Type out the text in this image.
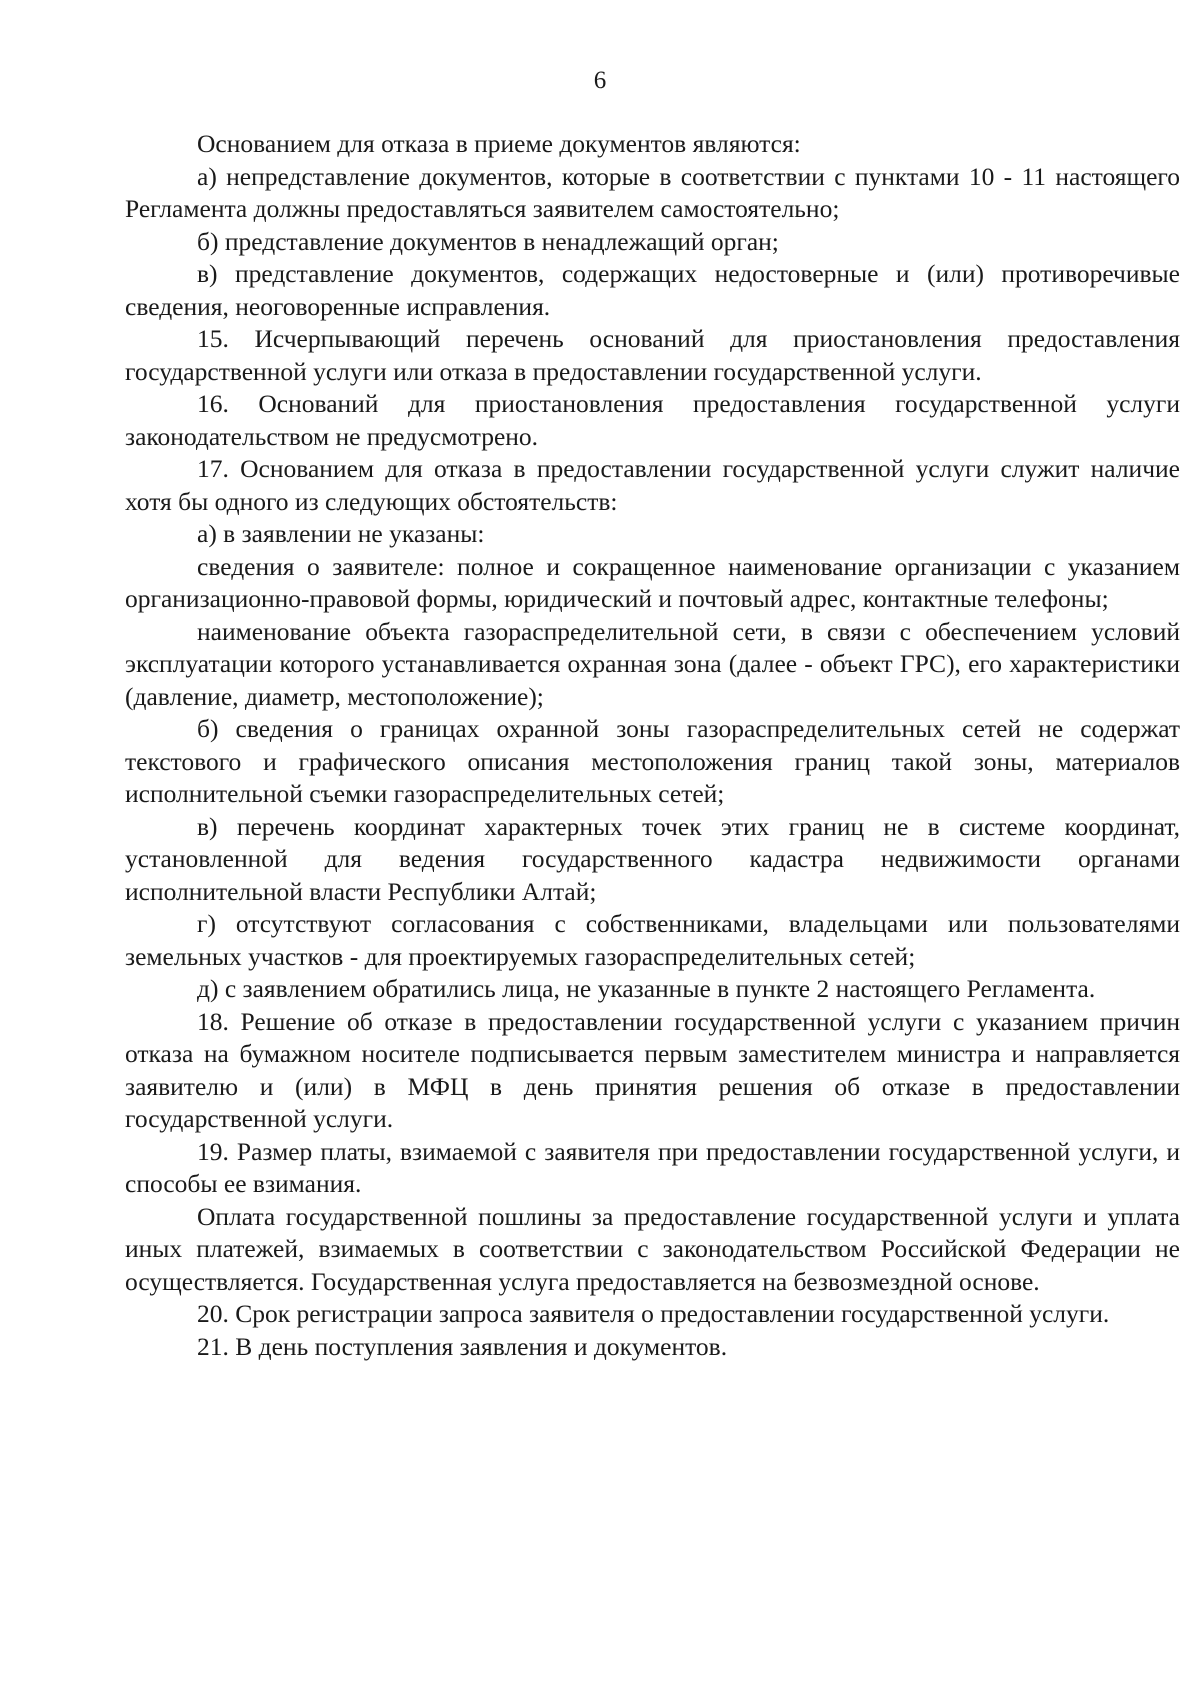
6

Основанием для отказа в приеме документов являются:

а) непредставление документов, которые в соответствии с пунктами 10 - 11 настоящего Регламента должны предоставляться заявителем самостоятельно;

б) представление документов в ненадлежащий орган;

в) представление документов, содержащих недостоверные и (или) противоречивые сведения, неоговоренные исправления.

15. Исчерпывающий перечень оснований для приостановления предоставления государственной услуги или отказа в предоставлении государственной услуги.

16. Оснований для приостановления предоставления государственной услуги законодательством не предусмотрено.

17. Основанием для отказа в предоставлении государственной услуги служит наличие хотя бы одного из следующих обстоятельств:

а) в заявлении не указаны:

сведения о заявителе: полное и сокращенное наименование организации с указанием организационно-правовой формы, юридический и почтовый адрес, контактные телефоны;

наименование объекта газораспределительной сети, в связи с обеспечением условий эксплуатации которого устанавливается охранная зона (далее - объект ГРС), его характеристики (давление, диаметр, местоположение);

б) сведения о границах охранной зоны газораспределительных сетей не содержат текстового и графического описания местоположения границ такой зоны, материалов исполнительной съемки газораспределительных сетей;

в) перечень координат характерных точек этих границ не в системе координат, установленной для ведения государственного кадастра недвижимости органами исполнительной власти Республики Алтай;

г) отсутствуют согласования с собственниками, владельцами или пользователями земельных участков - для проектируемых газораспределительных сетей;

д) с заявлением обратились лица, не указанные в пункте 2 настоящего Регламента.

18. Решение об отказе в предоставлении государственной услуги с указанием причин отказа на бумажном носителе подписывается первым заместителем министра и направляется заявителю и (или) в МФЦ в день принятия решения об отказе в предоставлении государственной услуги.

19. Размер платы, взимаемой с заявителя при предоставлении государственной услуги, и способы ее взимания.

Оплата государственной пошлины за предоставление государственной услуги и уплата иных платежей, взимаемых в соответствии с законодательством Российской Федерации не осуществляется. Государственная услуга предоставляется на безвозмездной основе.

20. Срок регистрации запроса заявителя о предоставлении государственной услуги.

21. В день поступления заявления и документов.
